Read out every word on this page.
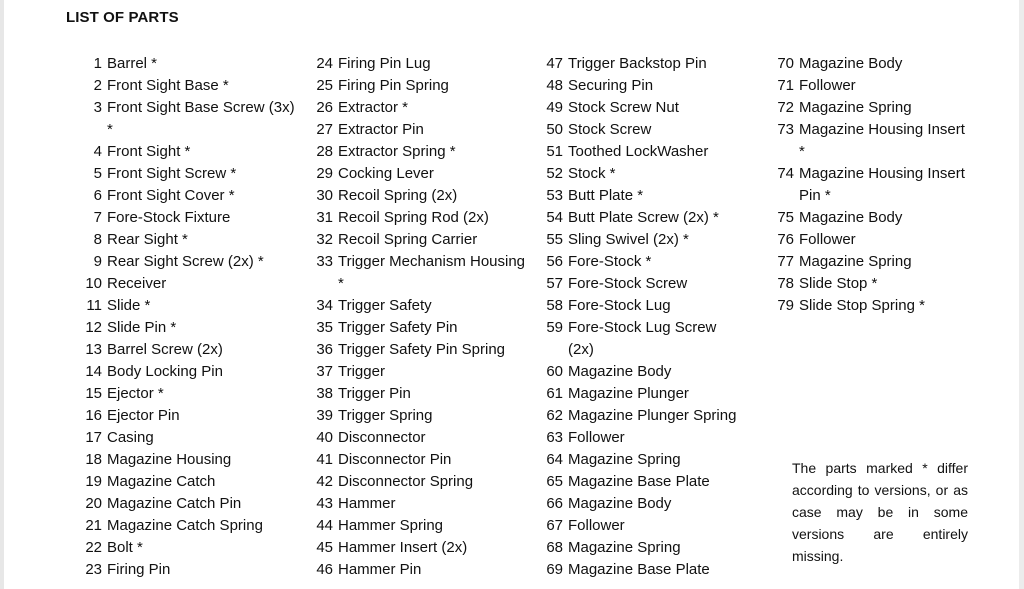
LIST OF PARTS
1 Barrel *
2 Front Sight Base *
3 Front Sight Base Screw (3x) *
4 Front Sight *
5 Front Sight Screw *
6 Front Sight Cover *
7 Fore-Stock Fixture
8 Rear Sight *
9 Rear Sight Screw (2x) *
10 Receiver
11 Slide *
12 Slide Pin *
13 Barrel Screw (2x)
14 Body Locking Pin
15 Ejector *
16 Ejector Pin
17 Casing
18 Magazine Housing
19 Magazine Catch
20 Magazine Catch Pin
21 Magazine Catch Spring
22 Bolt *
23 Firing Pin
24 Firing Pin Lug
25 Firing Pin Spring
26 Extractor *
27 Extractor Pin
28 Extractor Spring *
29 Cocking Lever
30 Recoil Spring (2x)
31 Recoil Spring Rod (2x)
32 Recoil Spring Carrier
33 Trigger Mechanism Housing *
34 Trigger Safety
35 Trigger Safety Pin
36 Trigger Safety Pin Spring
37 Trigger
38 Trigger Pin
39 Trigger Spring
40 Disconnector
41 Disconnector Pin
42 Disconnector Spring
43 Hammer
44 Hammer Spring
45 Hammer Insert (2x)
46 Hammer Pin
47 Trigger Backstop Pin
48 Securing Pin
49 Stock Screw Nut
50 Stock Screw
51 Toothed LockWasher
52 Stock *
53 Butt Plate *
54 Butt Plate Screw (2x) *
55 Sling Swivel (2x) *
56 Fore-Stock *
57 Fore-Stock Screw
58 Fore-Stock Lug
59 Fore-Stock Lug Screw (2x)
60 Magazine Body
61 Magazine Plunger
62 Magazine Plunger Spring
63 Follower
64 Magazine Spring
65 Magazine Base Plate
66 Magazine Body
67 Follower
68 Magazine Spring
69 Magazine Base Plate
70 Magazine Body
71 Follower
72 Magazine Spring
73 Magazine Housing Insert *
74 Magazine Housing Insert Pin *
75 Magazine Body
76 Follower
77 Magazine Spring
78 Slide Stop *
79 Slide Stop Spring *
The parts marked * differ according to versions, or as case may be in some versions are entirely missing.
